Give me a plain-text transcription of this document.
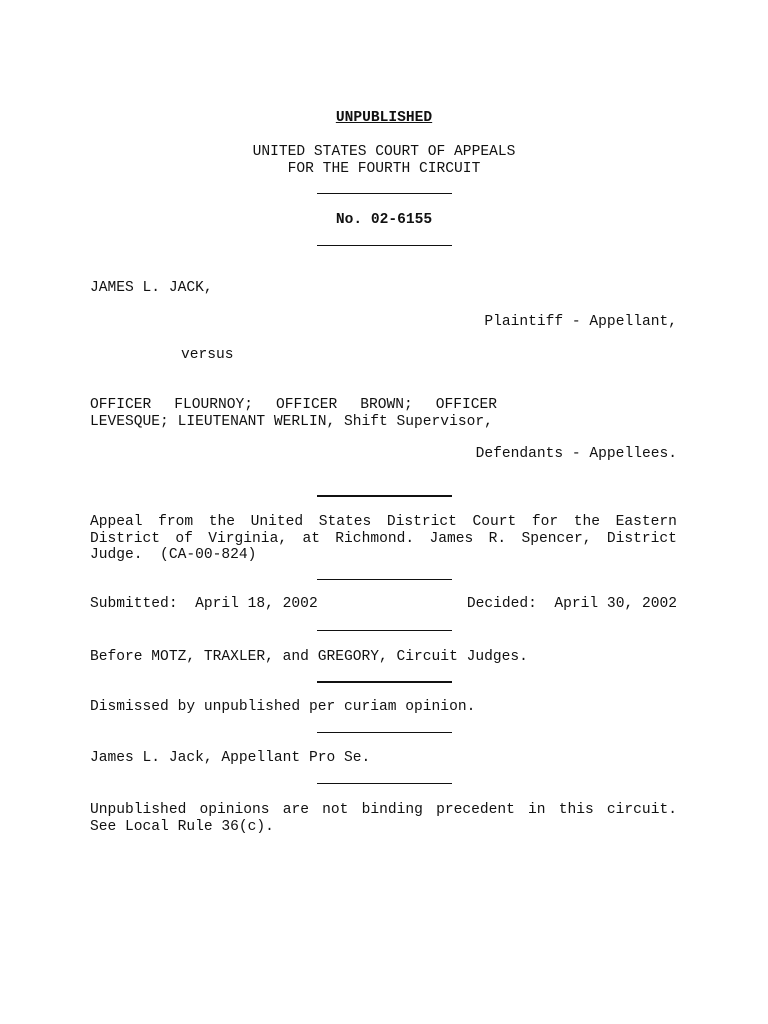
UNPUBLISHED

UNITED STATES COURT OF APPEALS

FOR THE FOURTH CIRCUIT

No. 02-6155

JAMES L. JACK,

Plaintiff - Appellant,

versus

OFFICER FLOURNOY; OFFICER BROWN; OFFICER
LEVESQUE; LIEUTENANT WERLIN, Shift Supervisor,

Defendants - Appellees.

Appeal from the United States District Court for the Eastern
District of Virginia, at Richmond. James R. Spencer, District
Judge.  (CA-00-824)
Submitted:  April 18, 2002	Decided:  April 30, 2002

Before MOTZ, TRAXLER, and GREGORY, Circuit Judges.

Dismissed by unpublished per curiam opinion.

James L. Jack, Appellant Pro Se.

Unpublished opinions are not binding precedent in this circuit.
See Local Rule 36(c).
